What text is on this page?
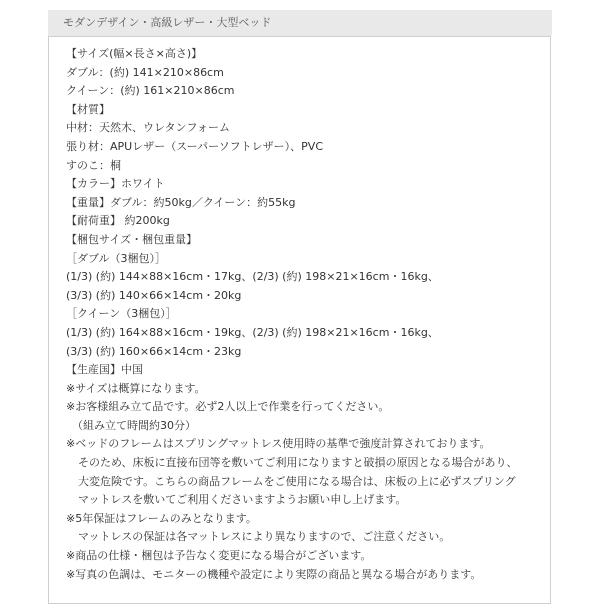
モダンデザイン・高級レザー・大型ベッド
【サイズ(幅×長さ×高さ)】
ダブル：(約) 141×210×86cm
クイーン：(約) 161×210×86cm
【材質】
中材：天然木、ウレタンフォーム
張り材：APUレザー（スーパーソフトレザー）、PVC
すのこ：桐
【カラー】ホワイト
【重量】ダブル：約50kg／クイーン：約55kg
【耐荷重】 約200kg
【梱包サイズ・梱包重量】
［ダブル（3梱包）］
(1/3) (約) 144×88×16cm・17kg、(2/3) (約) 198×21×16cm・16kg、
(3/3) (約) 140×66×14cm・20kg
［クイーン（3梱包）］
(1/3) (約) 164×88×16cm・19kg、(2/3) (約) 198×21×16cm・16kg、
(3/3) (約) 160×66×14cm・23kg
【生産国】中国
※サイズは概算になります。
※お客様組み立て品です。必ず2人以上で作業を行ってください。
（組み立て時間約30分）
※ベッドのフレームはスプリングマットレス使用時の基準で強度計算されております。
そのため、床板に直接布団等を敷いてご利用になりますと破損の原因となる場合があり、
大変危険です。こちらの商品フレームをご使用になる場合は、床板の上に必ずスプリング
マットレスを敷いてご利用くださいますようお願い申し上げます。
※5年保証はフレームのみとなります。
マットレスの保証は各マットレスにより異なりますので、ご注意ください。
※商品の仕様・梱包は予告なく変更になる場合がございます。
※写真の色調は、モニターの機種や設定により実際の商品と異なる場合があります。
